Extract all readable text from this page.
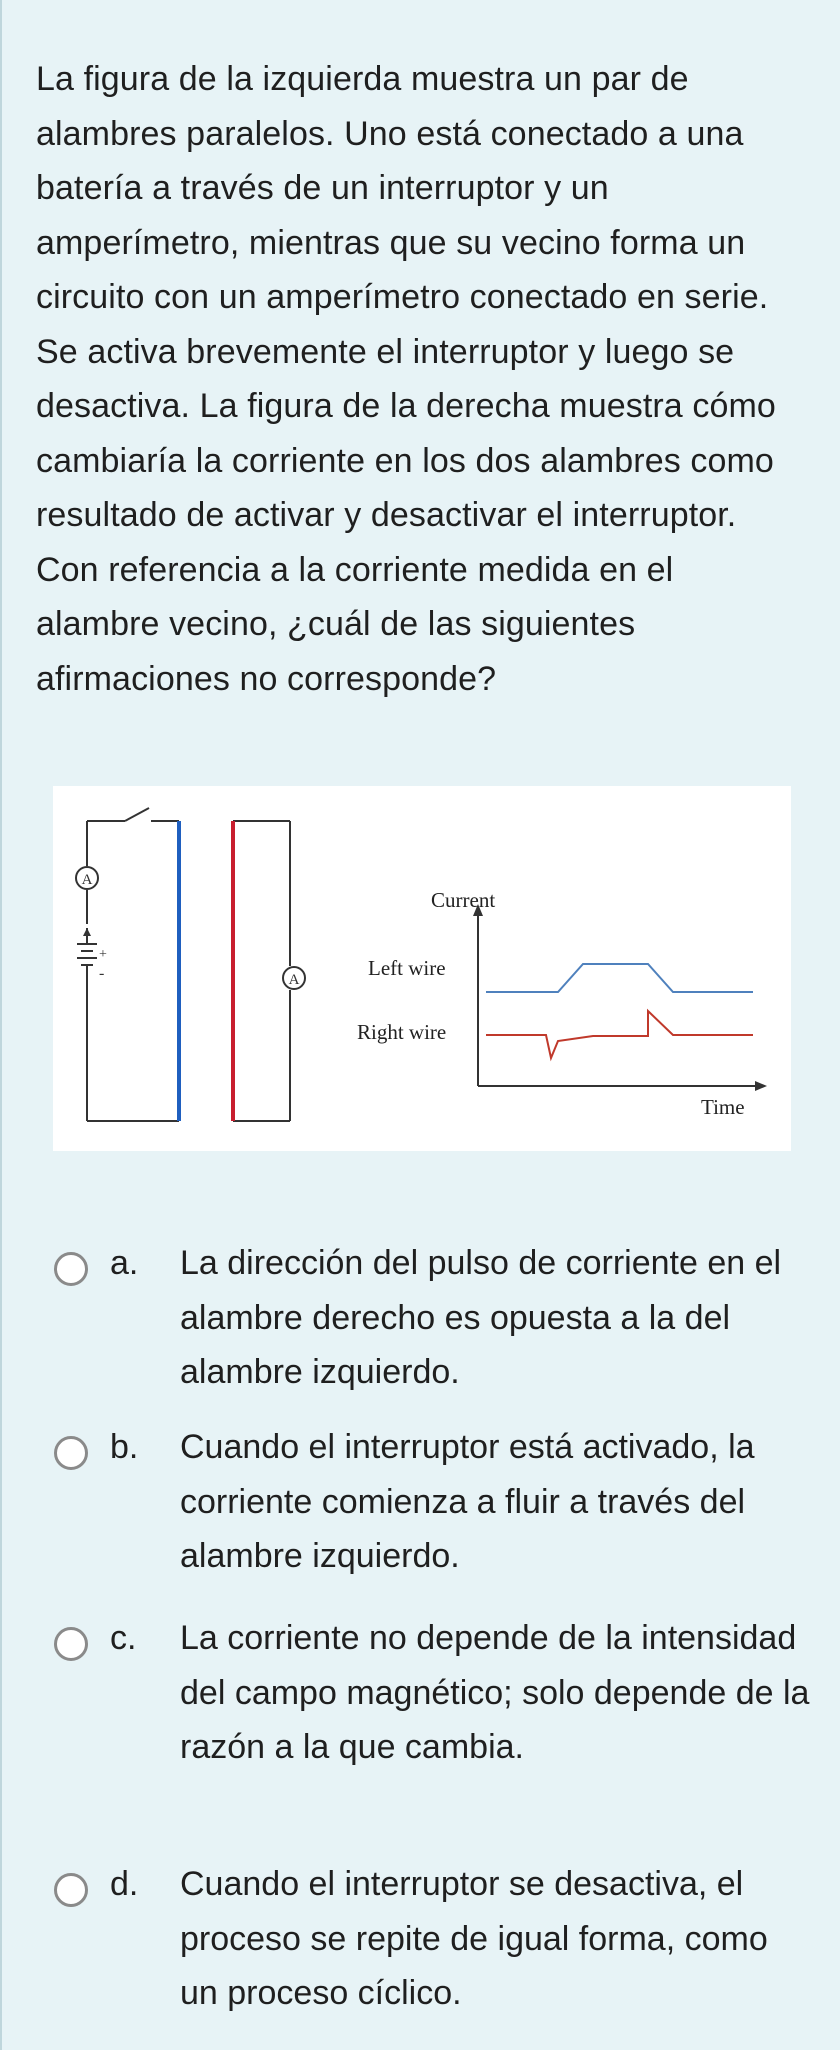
La figura de la izquierda muestra un par de alambres paralelos. Uno está conectado a una batería a través de un interruptor y un amperímetro, mientras que su vecino forma un circuito con un amperímetro conectado en serie. Se activa brevemente el interruptor y luego se desactiva. La figura de la derecha muestra cómo cambiaría la corriente en los dos alambres como resultado de activar y desactivar el interruptor. Con referencia a la corriente medida en el alambre vecino, ¿cuál de las siguientes afirmaciones no corresponde?
+
-
A
A
Current
Time
Left wire
Right wire
a. La dirección del pulso de corriente en el alambre derecho es opuesta a la del alambre izquierdo.
b. Cuando el interruptor está activado, la corriente comienza a fluir a través del alambre izquierdo.
c. La corriente no depende de la intensidad del campo magnético; solo depende de la razón a la que cambia.
d. Cuando el interruptor se desactiva, el proceso se repite de igual forma, como un proceso cíclico.
